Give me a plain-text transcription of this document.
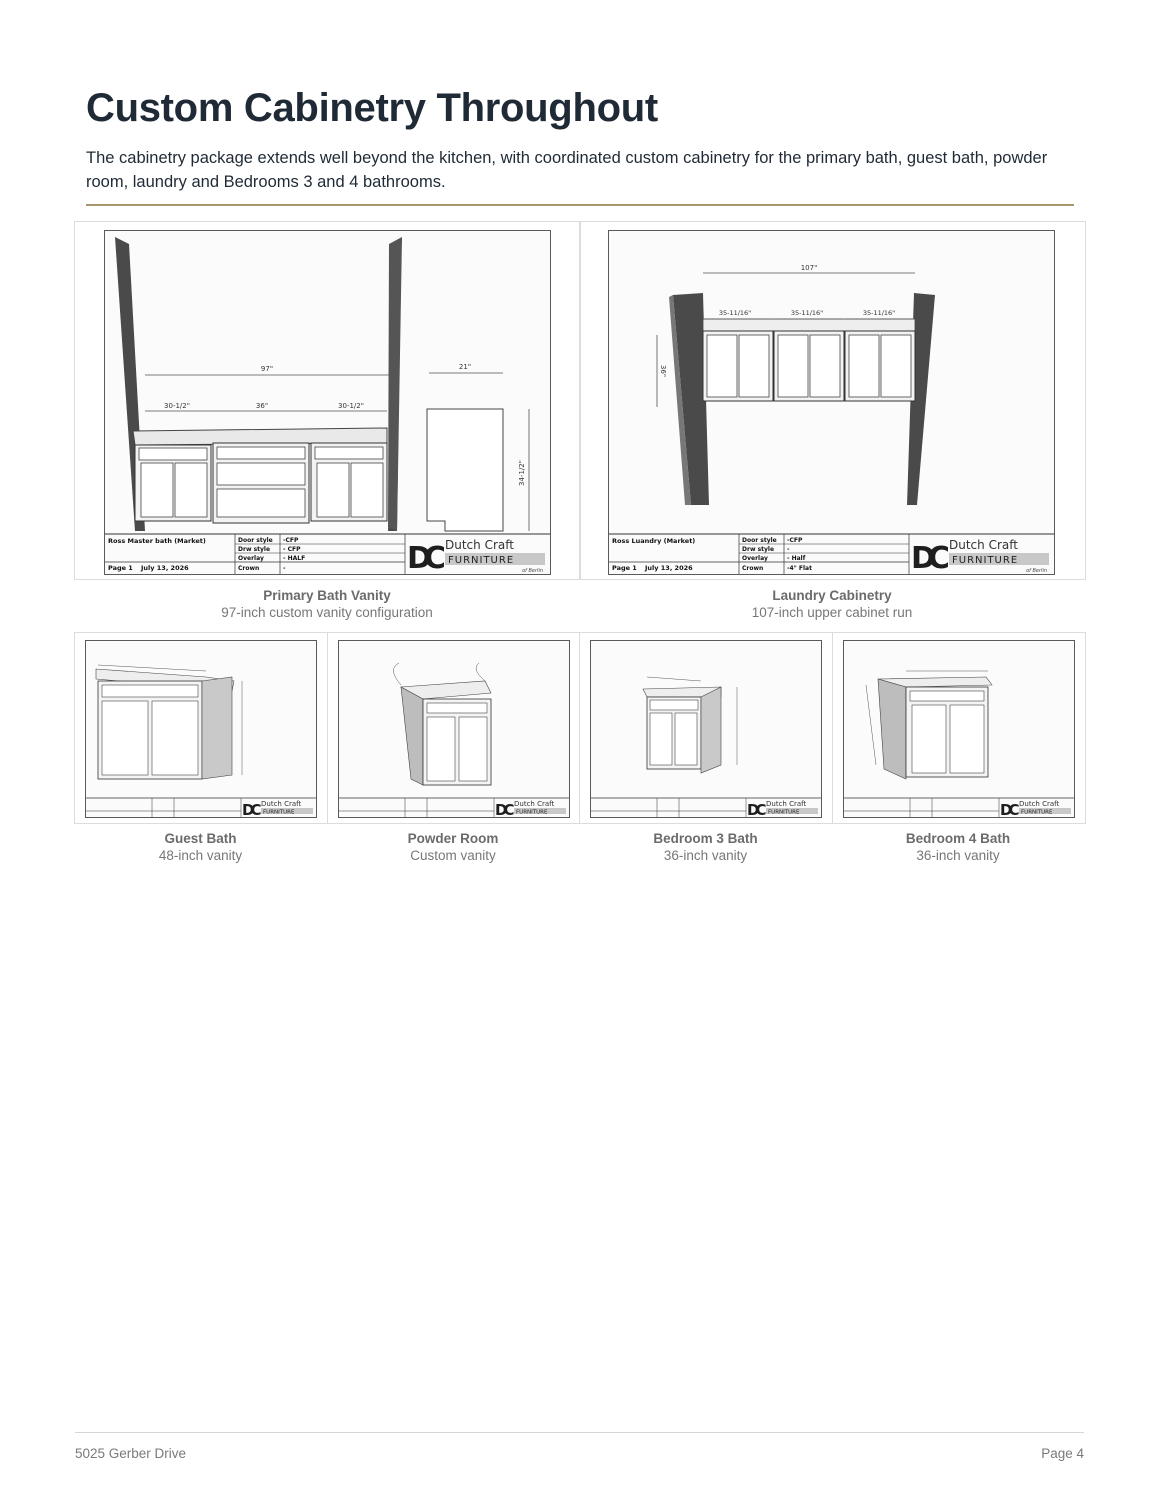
Custom Cabinetry Throughout

The cabinetry package extends well beyond the kitchen, with coordinated custom cabinetry for the primary bath, guest bath, powder room, laundry and Bedrooms 3 and 4 bathrooms.

97"
30-1/2"	36"	30-1/2"
21"
34-1/2"
Ross Master bath (Market)
Page 1 July 13, 2026
Door style -CFP
Drw style - CFP
Overlay	- HALF
Crown	-	DC Dutch Craft
FURNITURE
of Berlin
Primary Bath Vanity
97-inch custom vanity configuration
107"
35-11/16"	35-11/16"	35-11/16"
36"
Ross Luandry (Market)
Page 1 July 13, 2026
Door style -CFP
Drw style -
Overlay	- Half
Crown	-4" Flat	DC Dutch Craft
FURNITURE
of Berlin
Laundry Cabinetry
107-inch upper cabinet run
DC Dutch Craft
FURNITURE	DC Dutch Craft
FURNITURE	DC Dutch Craft
FURNITURE	DC Dutch Craft
FURNITURE
Guest Bath
48-inch vanity
Powder Room
Custom vanity
Bedroom 3 Bath
36-inch vanity
Bedroom 4 Bath
36-inch vanity
5025 Gerber Drive	Page 4
